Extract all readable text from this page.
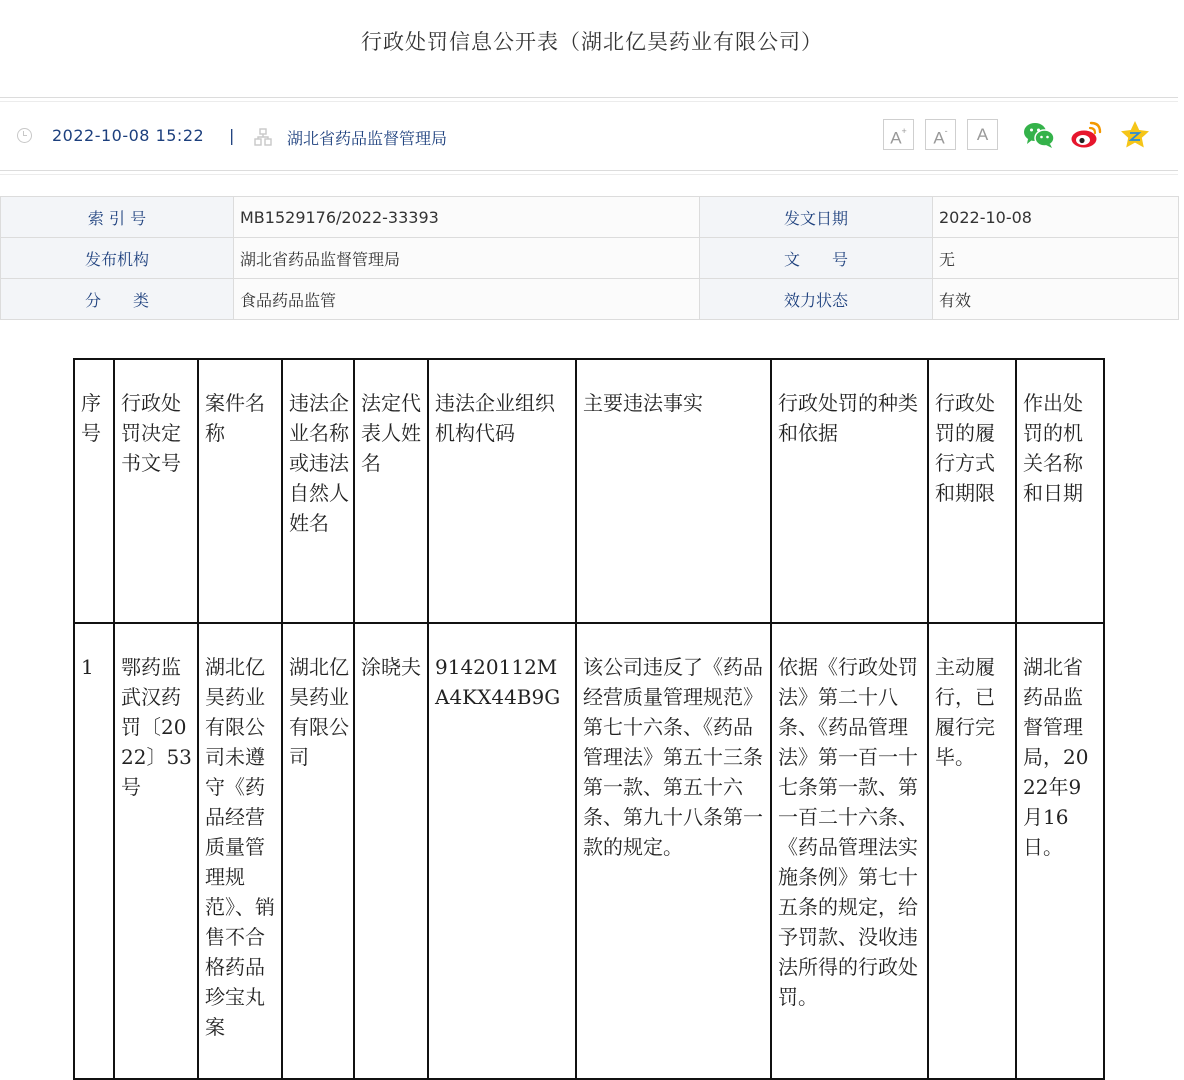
行政处罚信息公开表（湖北亿昊药业有限公司）
2022-10-08 15:22 |	湖北省药品监督管理局	A+	A-	A
索 引 号	MB1529176/2022-33393	发文日期	2022-10-08
发布机构	湖北省药品监督管理局	文　　号	无
分　　类	食品药品监管	效力状态	有效
序号	行政处罚决定书文号	案件名称	违法企业名称或违法自然人姓名	法定代表人姓名	违法企业组织机构代码	主要违法事实	行政处罚的种类和依据	行政处罚的履行方式和期限	作出处罚的机关名称和日期
1	鄂药监武汉药罚〔2022〕53号	湖北亿昊药业有限公司未遵守《药品经营质量管理规范》、销售不合格药品珍宝丸案	湖北亿昊药业有限公司	涂晓夫	91420112MA4KX44B9G	该公司违反了《药品经营质量管理规范》第七十六条、《药品管理法》第五十三条第一款、第五十六条、第九十八条第一款的规定。	依据《行政处罚法》第二十八条、《药品管理法》第一百一十七条第一款、第一百二十六条、《药品管理法实施条例》第七十五条的规定，给予罚款、没收违法所得的行政处罚。	主动履行，已履行完毕。	湖北省药品监督管理局，2022年9月16日。
